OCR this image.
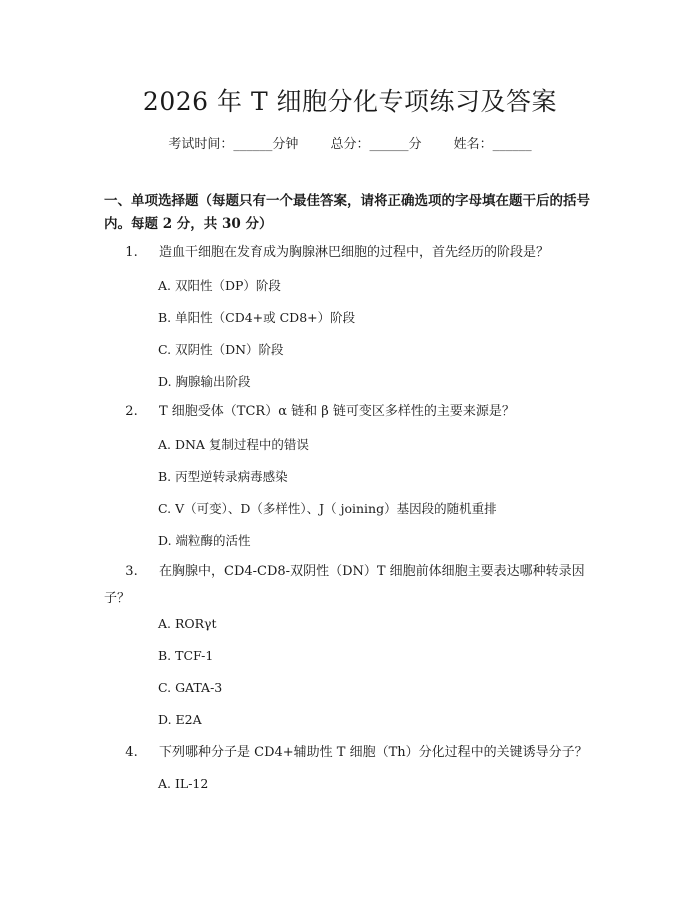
2026 年 T 细胞分化专项练习及答案
考试时间：______分钟 总分：______分 姓名：______
一、单项选择题（每题只有一个最佳答案，请将正确选项的字母填在题干后的括号内。每题 2 分，共 30 分）
1. 造血干细胞在发育成为胸腺淋巴细胞的过程中，首先经历的阶段是？
A. 双阳性（DP）阶段
B. 单阳性（CD4+或 CD8+）阶段
C. 双阴性（DN）阶段
D. 胸腺输出阶段
2. T 细胞受体（TCR）α 链和 β 链可变区多样性的主要来源是？
A. DNA 复制过程中的错误
B. 丙型逆转录病毒感染
C. V（可变）、D（多样性）、J（ joining）基因段的随机重排
D. 端粒酶的活性
3. 在胸腺中，CD4-CD8-双阴性（DN）T 细胞前体细胞主要表达哪种转录因子？
A. RORγt
B. TCF-1
C. GATA-3
D. E2A
4. 下列哪种分子是 CD4+辅助性 T 细胞（Th）分化过程中的关键诱导分子？
A. IL-12
